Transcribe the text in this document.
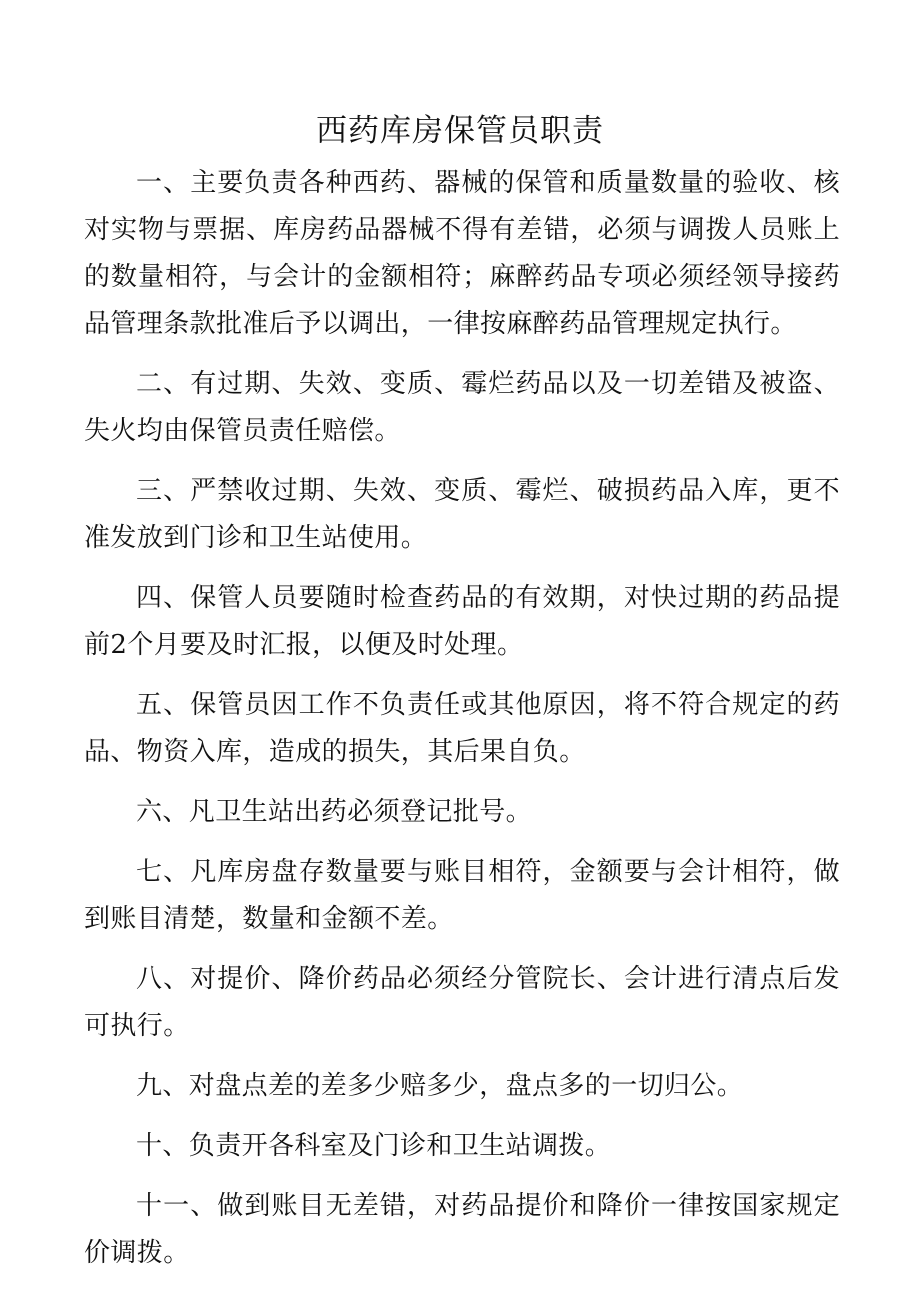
西药库房保管员职责

一、主要负责各种西药、器械的保管和质量数量的验收、核对实物与票据、库房药品器械不得有差错，必须与调拨人员账上的数量相符，与会计的金额相符；麻醉药品专项必须经领导接药品管理条款批准后予以调出，一律按麻醉药品管理规定执行。

二、有过期、失效、变质、霉烂药品以及一切差错及被盗、失火均由保管员责任赔偿。

三、严禁收过期、失效、变质、霉烂、破损药品入库，更不准发放到门诊和卫生站使用。

四、保管人员要随时检查药品的有效期，对快过期的药品提前2个月要及时汇报，以便及时处理。

五、保管员因工作不负责任或其他原因，将不符合规定的药品、物资入库，造成的损失，其后果自负。

六、凡卫生站出药必须登记批号。

七、凡库房盘存数量要与账目相符，金额要与会计相符，做到账目清楚，数量和金额不差。

八、对提价、降价药品必须经分管院长、会计进行清点后发可执行。

九、对盘点差的差多少赔多少，盘点多的一切归公。

十、负责开各科室及门诊和卫生站调拨。

十一、做到账目无差错，对药品提价和降价一律按国家规定价调拨。
